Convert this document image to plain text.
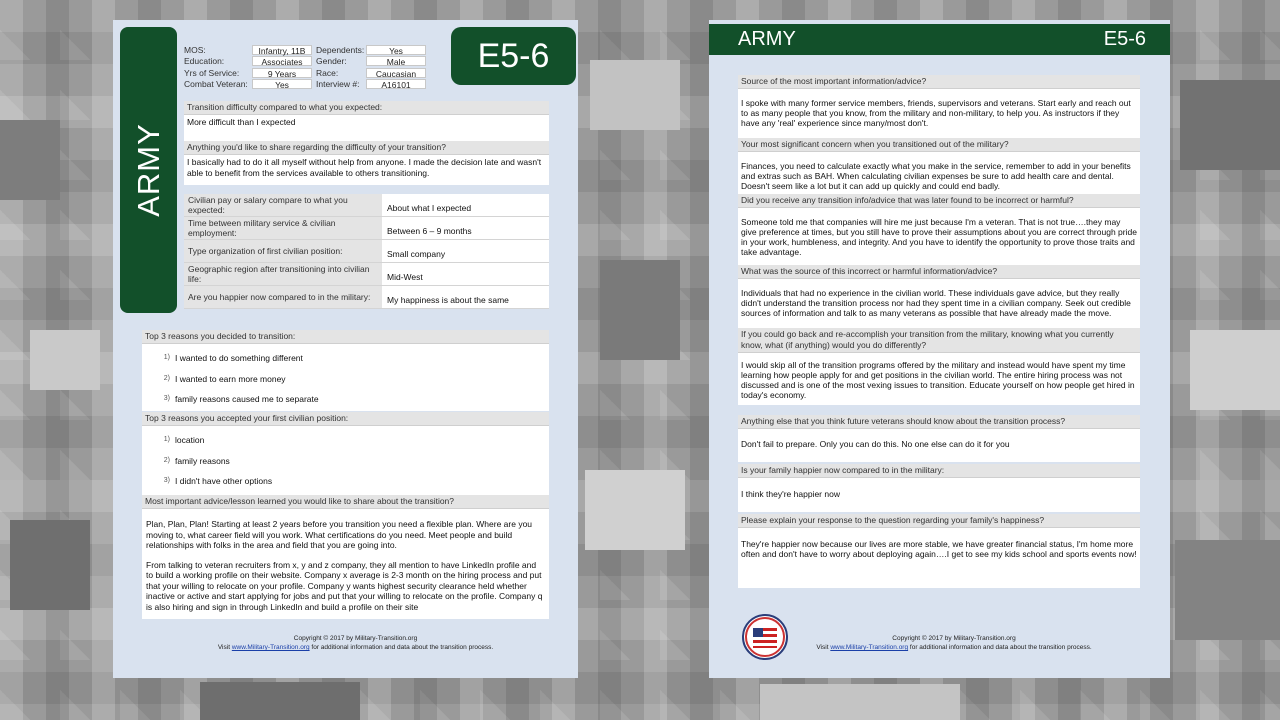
ARMY
E5-6
MOS:	Infantry, 11B
Education:	Associates
Yrs of Service:	9 Years
Combat Veteran:	Yes
Dependents:	Yes
Gender:	Male
Race:	Caucasian
Interview #:	A16101
Transition difficulty compared to what you expected:
More difficult than I expected
Anything you'd like to share regarding the difficulty of your transition?
I basically had to do it all myself without help from anyone. I made the decision late and wasn't able to benefit from the services available to others transitioning.
Civilian pay or salary compare to what you expected:	About what I expected
Time between military service & civilian employment:	Between 6 – 9 months
Type organization of first civilian position:	Small company
Geographic region after transitioning into civilian life:	Mid-West
Are you happier now compared to in the military:	My happiness is about the same
Top 3 reasons you decided to transition:
1) I wanted to do something different
2) I wanted to earn more money
3) family reasons caused me to separate
Top 3 reasons you accepted your first civilian position:
1) location
2) family reasons
3) I didn't have other options
Most important advice/lesson learned you would like to share about the transition?
Plan, Plan, Plan! Starting at least 2 years before you transition you need a flexible plan. Where are you moving to, what career field will you work. What certifications do you need. Meet people and build relationships with folks in the area and field that you are going into.
From talking to veteran recruiters from x, y and z company, they all mention to have LinkedIn profile and to build a working profile on their website. Company x average is 2-3 month on the hiring process and put that your willing to relocate on your profile. Company y wants highest security clearance held whether inactive or active and start applying for jobs and put that your willing to relocate on the profile. Company q is also hiring and sign in through LinkedIn and build a profile on their site
Copyright © 2017 by Military-Transition.org
Visit www.Military-Transition.org for additional information and data about the transition process.
ARMY	E5-6
Source of the most important information/advice?
I spoke with many former service members, friends, supervisors and veterans. Start early and reach out to as many people that you know, from the military and non-military, to help you. As instructors if they have any 'real' experience since many/most don't.
Your most significant concern when you transitioned out of the military?
Finances, you need to calculate exactly what you make in the service, remember to add in your benefits and extras such as BAH. When calculating civilian expenses be sure to add health care and dental. Doesn't seem like a lot but it can add up quickly and could end badly.
Did you receive any transition info/advice that was later found to be incorrect or harmful?
Someone told me that companies will hire me just because I'm a veteran. That is not true….they may give preference at times, but you still have to prove their assumptions about you are correct through pride in your work, humbleness, and integrity. And you have to identify the opportunity to prove those traits and take advantage.
What was the source of this incorrect or harmful information/advice?
Individuals that had no experience in the civilian world. These individuals gave advice, but they really didn't understand the transition process nor had they spent time in a civilian company. Seek out credible sources of information and talk to as many veterans as possible that have already made the move.
If you could go back and re-accomplish your transition from the military, knowing what you currently know, what (if anything) would you do differently?
I would skip all of the transition programs offered by the military and instead would have spent my time learning how people apply for and get positions in the civilian world. The entire hiring process was not discussed and is one of the most vexing issues to transition. Educate yourself on how people get hired in today's economy.
Anything else that you think future veterans should know about the transition process?
Don't fail to prepare. Only you can do this. No one else can do it for you
Is your family happier now compared to in the military:
I think they're happier now
Please explain your response to the question regarding your family's happiness?
They're happier now because our lives are more stable, we have greater financial status, I'm home more often and don't have to worry about deploying again….I get to see my kids school and sports events now!
Copyright © 2017 by Military-Transition.org
Visit www.Military-Transition.org for additional information and data about the transition process.
